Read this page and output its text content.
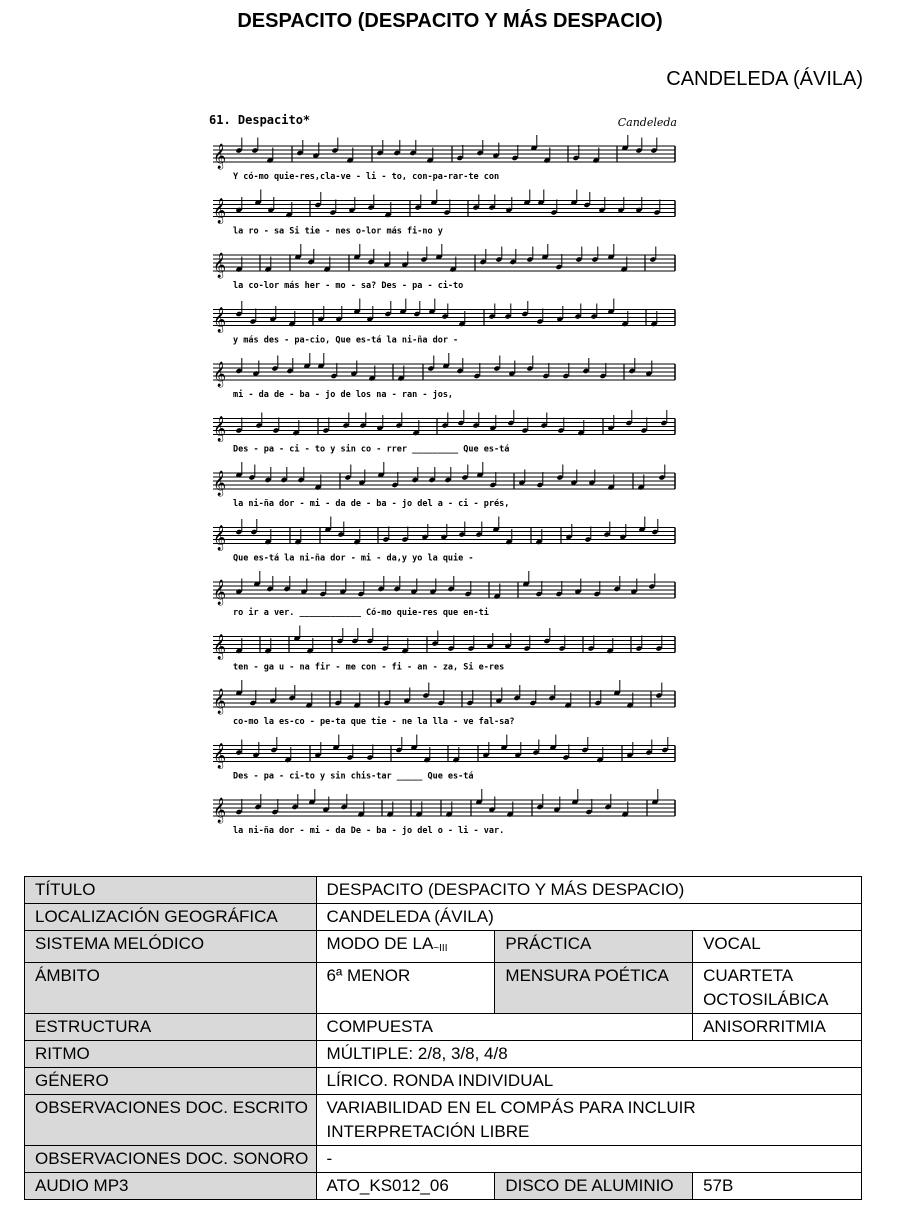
DESPACITO (DESPACITO Y MÁS DESPACIO)
CANDELEDA (ÁVILA)
61. Despacito*	Candeleda
𝄞
Y có-mo quie-res,cla-ve - li - to, con-pa-rar-te con
𝄞
la ro - sa Si tie - nes o-lor más fi-no y
𝄞
la co-lor más her - mo - sa? Des - pa - ci-to
𝄞
y más des - pa-cio, Que es-tá la ni-ña dor -
𝄞
mi - da de - ba - jo de los na - ran - jos,
𝄞
Des - pa - ci - to y sin co - rrer _________ Que es-tá
𝄞
la ni-ña dor - mi - da de - ba - jo del a - ci - prés,
𝄞
Que es-tá la ni-ña dor - mi - da,y yo la quie -
𝄞
ro ir a ver. ____________ Có-mo quie-res que en-ti
𝄞
ten - ga u - na fir - me con - fi - an - za, Si e-res
𝄞
co-mo la es-co - pe-ta que tie - ne la lla - ve fal-sa?
𝄞
Des - pa - ci-to y sin chis-tar _____ Que es-tá
𝄞
la ni-ña dor - mi - da De - ba - jo del o - li - var.
TÍTULO	DESPACITO (DESPACITO Y MÁS DESPACIO)		
LOCALIZACIÓN GEOGRÁFICA	CANDELEDA (ÁVILA)		
SISTEMA MELÓDICO	MODO DE $LA_{\sim III}$	PRÁCTICA	VOCAL
ÁMBITO	6ª MENOR	MENSURA POÉTICA	CUARTETA
OCTOSILÁBICA

ESTRUCTURA	COMPUESTA		ANISORRITMIA
RITMO	MÚLTIPLE: 2/8, 3/8, 4/8		
GÉNERO	LÍRICO. RONDA INDIVIDUAL		
OBSERVACIONES DOC. ESCRITO	VARIABILIDAD EN EL COMPÁS PARA INCLUIR
INTERPRETACIÓN LIBRE		

OBSERVACIONES DOC. SONORO	-		
AUDIO MP3	ATO_KS012_06	DISCO DE ALUMINIO	57B
